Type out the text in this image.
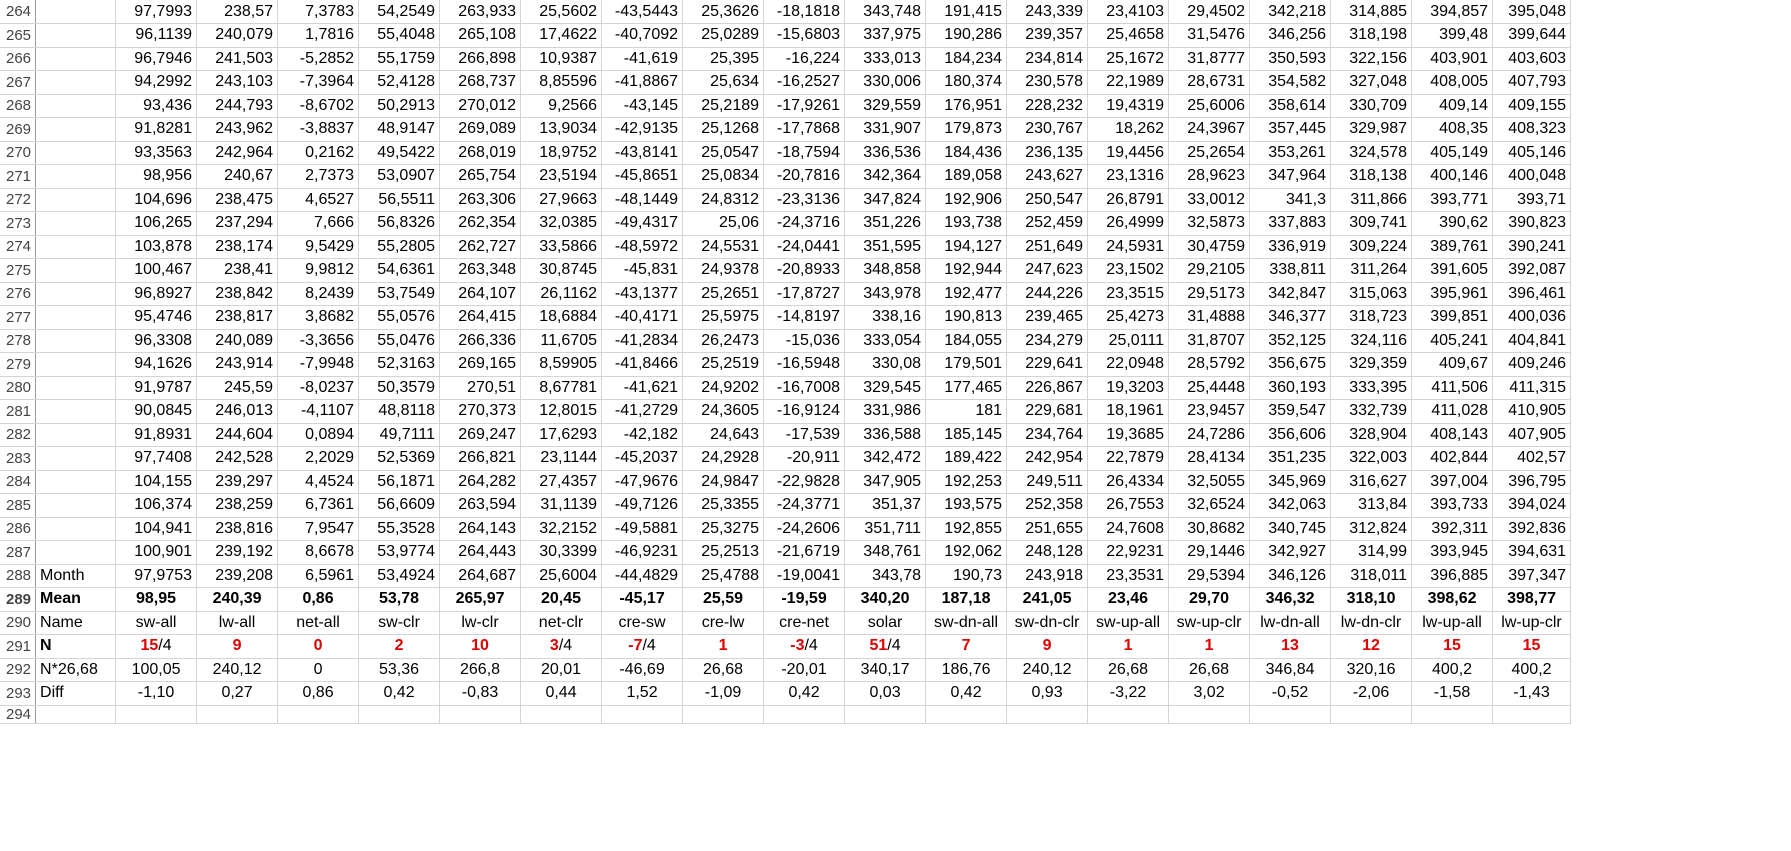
264		97,7993	238,57	7,3783	54,2549	263,933	25,5602	-43,5443	25,3626	-18,1818	343,748	191,415	243,339	23,4103	29,4502	342,218	314,885	394,857	395,048
265		96,1139	240,079	1,7816	55,4048	265,108	17,4622	-40,7092	25,0289	-15,6803	337,975	190,286	239,357	25,4658	31,5476	346,256	318,198	399,48	399,644
266		96,7946	241,503	-5,2852	55,1759	266,898	10,9387	-41,619	25,395	-16,224	333,013	184,234	234,814	25,1672	31,8777	350,593	322,156	403,901	403,603
267		94,2992	243,103	-7,3964	52,4128	268,737	8,85596	-41,8867	25,634	-16,2527	330,006	180,374	230,578	22,1989	28,6731	354,582	327,048	408,005	407,793
268		93,436	244,793	-8,6702	50,2913	270,012	9,2566	-43,145	25,2189	-17,9261	329,559	176,951	228,232	19,4319	25,6006	358,614	330,709	409,14	409,155
269		91,8281	243,962	-3,8837	48,9147	269,089	13,9034	-42,9135	25,1268	-17,7868	331,907	179,873	230,767	18,262	24,3967	357,445	329,987	408,35	408,323
270		93,3563	242,964	0,2162	49,5422	268,019	18,9752	-43,8141	25,0547	-18,7594	336,536	184,436	236,135	19,4456	25,2654	353,261	324,578	405,149	405,146
271		98,956	240,67	2,7373	53,0907	265,754	23,5194	-45,8651	25,0834	-20,7816	342,364	189,058	243,627	23,1316	28,9623	347,964	318,138	400,146	400,048
272		104,696	238,475	4,6527	56,5511	263,306	27,9663	-48,1449	24,8312	-23,3136	347,824	192,906	250,547	26,8791	33,0012	341,3	311,866	393,771	393,71
273		106,265	237,294	7,666	56,8326	262,354	32,0385	-49,4317	25,06	-24,3716	351,226	193,738	252,459	26,4999	32,5873	337,883	309,741	390,62	390,823
274		103,878	238,174	9,5429	55,2805	262,727	33,5866	-48,5972	24,5531	-24,0441	351,595	194,127	251,649	24,5931	30,4759	336,919	309,224	389,761	390,241
275		100,467	238,41	9,9812	54,6361	263,348	30,8745	-45,831	24,9378	-20,8933	348,858	192,944	247,623	23,1502	29,2105	338,811	311,264	391,605	392,087
276		96,8927	238,842	8,2439	53,7549	264,107	26,1162	-43,1377	25,2651	-17,8727	343,978	192,477	244,226	23,3515	29,5173	342,847	315,063	395,961	396,461
277		95,4746	238,817	3,8682	55,0576	264,415	18,6884	-40,4171	25,5975	-14,8197	338,16	190,813	239,465	25,4273	31,4888	346,377	318,723	399,851	400,036
278		96,3308	240,089	-3,3656	55,0476	266,336	11,6705	-41,2834	26,2473	-15,036	333,054	184,055	234,279	25,0111	31,8707	352,125	324,116	405,241	404,841
279		94,1626	243,914	-7,9948	52,3163	269,165	8,59905	-41,8466	25,2519	-16,5948	330,08	179,501	229,641	22,0948	28,5792	356,675	329,359	409,67	409,246
280		91,9787	245,59	-8,0237	50,3579	270,51	8,67781	-41,621	24,9202	-16,7008	329,545	177,465	226,867	19,3203	25,4448	360,193	333,395	411,506	411,315
281		90,0845	246,013	-4,1107	48,8118	270,373	12,8015	-41,2729	24,3605	-16,9124	331,986	181	229,681	18,1961	23,9457	359,547	332,739	411,028	410,905
282		91,8931	244,604	0,0894	49,7111	269,247	17,6293	-42,182	24,643	-17,539	336,588	185,145	234,764	19,3685	24,7286	356,606	328,904	408,143	407,905
283		97,7408	242,528	2,2029	52,5369	266,821	23,1144	-45,2037	24,2928	-20,911	342,472	189,422	242,954	22,7879	28,4134	351,235	322,003	402,844	402,57
284		104,155	239,297	4,4524	56,1871	264,282	27,4357	-47,9676	24,9847	-22,9828	347,905	192,253	249,511	26,4334	32,5055	345,969	316,627	397,004	396,795
285		106,374	238,259	6,7361	56,6609	263,594	31,1139	-49,7126	25,3355	-24,3771	351,37	193,575	252,358	26,7553	32,6524	342,063	313,84	393,733	394,024
286		104,941	238,816	7,9547	55,3528	264,143	32,2152	-49,5881	25,3275	-24,2606	351,711	192,855	251,655	24,7608	30,8682	340,745	312,824	392,311	392,836
287		100,901	239,192	8,6678	53,9774	264,443	30,3399	-46,9231	25,2513	-21,6719	348,761	192,062	248,128	22,9231	29,1446	342,927	314,99	393,945	394,631
288	Month	97,9753	239,208	6,5961	53,4924	264,687	25,6004	-44,4829	25,4788	-19,0041	343,78	190,73	243,918	23,3531	29,5394	346,126	318,011	396,885	397,347
289	Mean	98,95	240,39	0,86	53,78	265,97	20,45	-45,17	25,59	-19,59	340,20	187,18	241,05	23,46	29,70	346,32	318,10	398,62	398,77
290	Name	sw-all	lw-all	net-all	sw-clr	lw-clr	net-clr	cre-sw	cre-lw	cre-net	solar	sw-dn-all	sw-dn-clr	sw-up-all	sw-up-clr	lw-dn-all	lw-dn-clr	lw-up-all	lw-up-clr
291	N	15/4	9	0	2	10	3/4	-7/4	1	-3/4	51/4	7	9	1	1	13	12	15	15
292	N*26,68	100,05	240,12	0	53,36	266,8	20,01	-46,69	26,68	-20,01	340,17	186,76	240,12	26,68	26,68	346,84	320,16	400,2	400,2
293	Diff	-1,10	0,27	0,86	0,42	-0,83	0,44	1,52	-1,09	0,42	0,03	0,42	0,93	-3,22	3,02	-0,52	-2,06	-1,58	-1,43
294																			
